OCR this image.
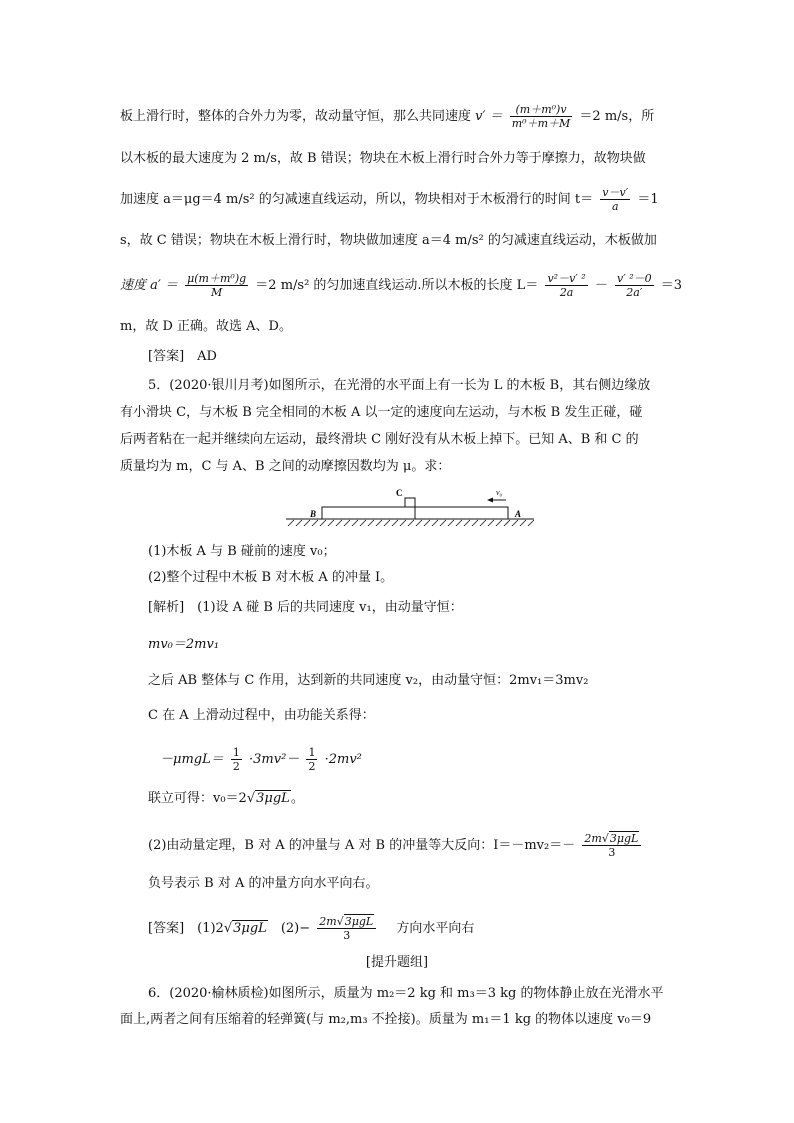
板上滑行时，整体的合外力为零，故动量守恒，那么共同速度 $v' = \frac{\text{(m＋m⁰)v}}{\text{m⁰＋m＋M}} =2$ m/s，所
以木板的最大速度为 2 m/s，故 B 错误；物块在木板上滑行时合外力等于摩擦力，故物块做
加速度 a＝μg＝4 m/s² 的匀减速直线运动，所以，物块相对于木板滑行的时间 $t= \frac{v-v'}{a} =1$
s，故 C 错误；物块在木板上滑行时，物块做加速度 a＝4 m/s² 的匀减速直线运动，木板做加
速度 $a' = \frac{\text{μ(m＋m⁰)g}}{M} =2$ m/s² 的匀加速直线运动.所以木板的长度 $L= \frac{\text{v²－v′ ²}}{2a} - \frac{\text{v′ ²－0}}{2a'} =3$
m，故 D 正确。故选 A、D。
[答案]　AD
5．(2020·银川月考)如图所示，在光滑的水平面上有一长为 L 的木板 B，其右侧边缘放
有小滑块 C，与木板 B 完全相同的木板 A 以一定的速度向左运动，与木板 B 发生正碰，碰
后两者粘在一起并继续向左运动，最终滑块 C 刚好没有从木板上掉下。已知 A、B 和 C 的
质量均为 m，C 与 A、B 之间的动摩擦因数均为 μ。求：
C
B	A
v₀
(1)木板 A 与 B 碰前的速度 v₀；
(2)整个过程中木板 B 对木板 A 的冲量 I。
[解析]　(1)设 A 碰 B 后的共同速度 v₁，由动量守恒：
mv₀＝2mv₁
之后 AB 整体与 C 作用，达到新的共同速度 v₂，由动量守恒：2mv₁＝3mv₂
C 在 A 上滑动过程中，由功能关系得：
$-\mu mgL= \frac{1}{2} \cdot 3mv^2- \frac{1}{2} \cdot 2mv^2$
联立可得：v₀＝2√3μgL。
(2)由动量定理，B 对 A 的冲量与 A 对 B 的冲量等大反向：$I=-mv_2=- \frac{\text{2m√3μgL}}{3}$
负号表示 B 对 A 的冲量方向水平向右。
[答案]　(1)2√3μgL　$(2)- \frac{\text{2m√3μgL}}{3}$ 　方向水平向右
[提升题组]
6．(2020·榆林质检)如图所示，质量为 m₂＝2 kg 和 m₃＝3 kg 的物体静止放在光滑水平
面上,两者之间有压缩着的轻弹簧(与 m₂,m₃ 不拴接)。质量为 m₁＝1 kg 的物体以速度 v₀＝9
